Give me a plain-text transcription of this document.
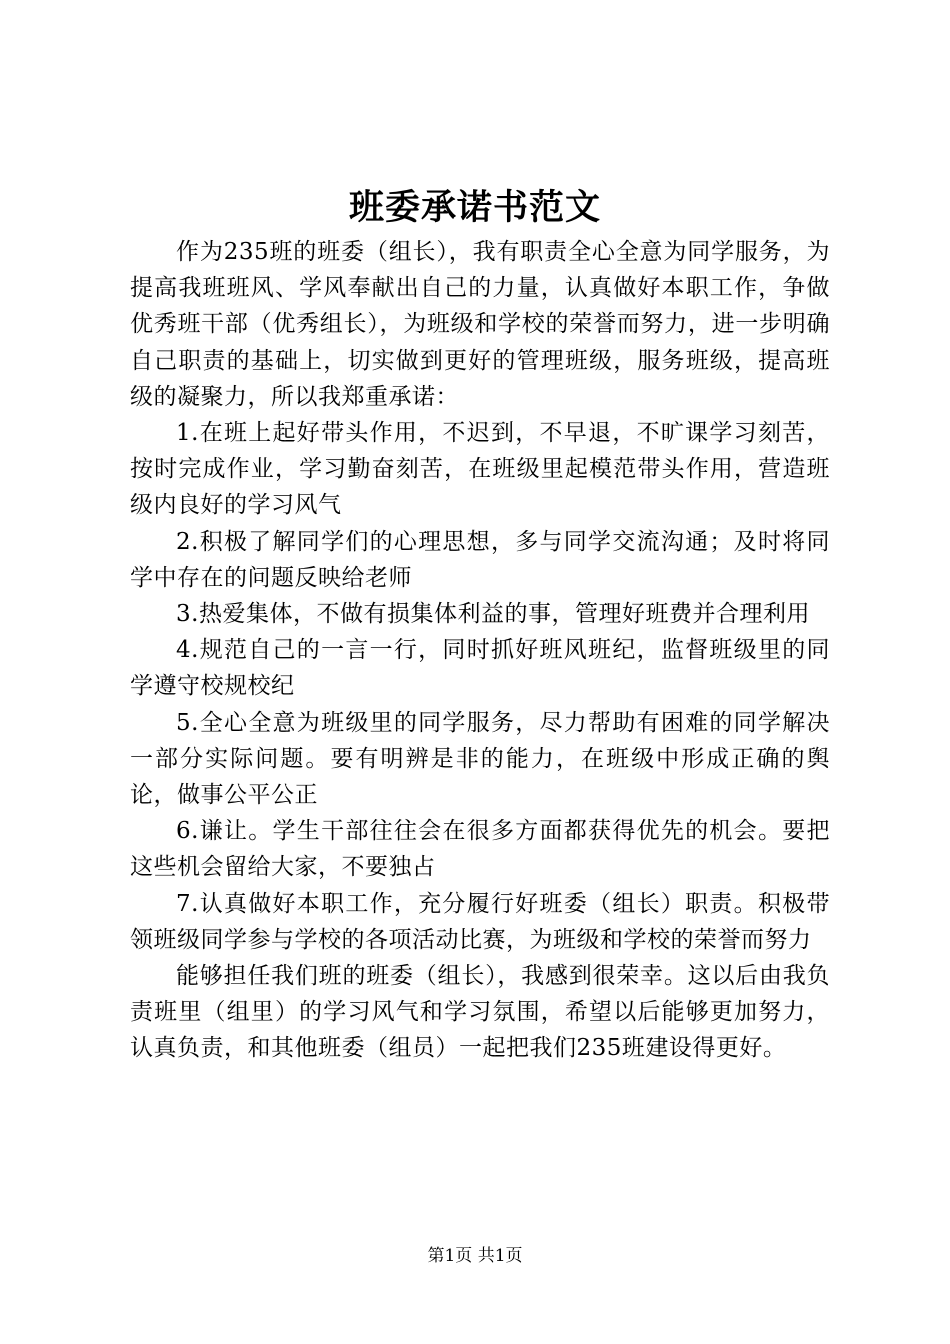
班委承诺书范文

作为235班的班委（组长），我有职责全心全意为同学服务，为提高我班班风、学风奉献出自己的力量，认真做好本职工作，争做优秀班干部（优秀组长），为班级和学校的荣誉而努力，进一步明确自己职责的基础上，切实做到更好的管理班级，服务班级，提高班级的凝聚力，所以我郑重承诺：

1.在班上起好带头作用，不迟到，不早退，不旷课学习刻苦，按时完成作业，学习勤奋刻苦，在班级里起模范带头作用，营造班级内良好的学习风气

2.积极了解同学们的心理思想，多与同学交流沟通；及时将同学中存在的问题反映给老师

3.热爱集体，不做有损集体利益的事，管理好班费并合理利用

4.规范自己的一言一行，同时抓好班风班纪，监督班级里的同学遵守校规校纪

5.全心全意为班级里的同学服务，尽力帮助有困难的同学解决一部分实际问题。要有明辨是非的能力，在班级中形成正确的舆论，做事公平公正

6.谦让。学生干部往往会在很多方面都获得优先的机会。要把这些机会留给大家，不要独占

7.认真做好本职工作，充分履行好班委（组长）职责。积极带领班级同学参与学校的各项活动比赛，为班级和学校的荣誉而努力

能够担任我们班的班委（组长），我感到很荣幸。这以后由我负责班里（组里）的学习风气和学习氛围，希望以后能够更加努力，认真负责，和其他班委（组员）一起把我们235班建设得更好。

第1页 共1页
